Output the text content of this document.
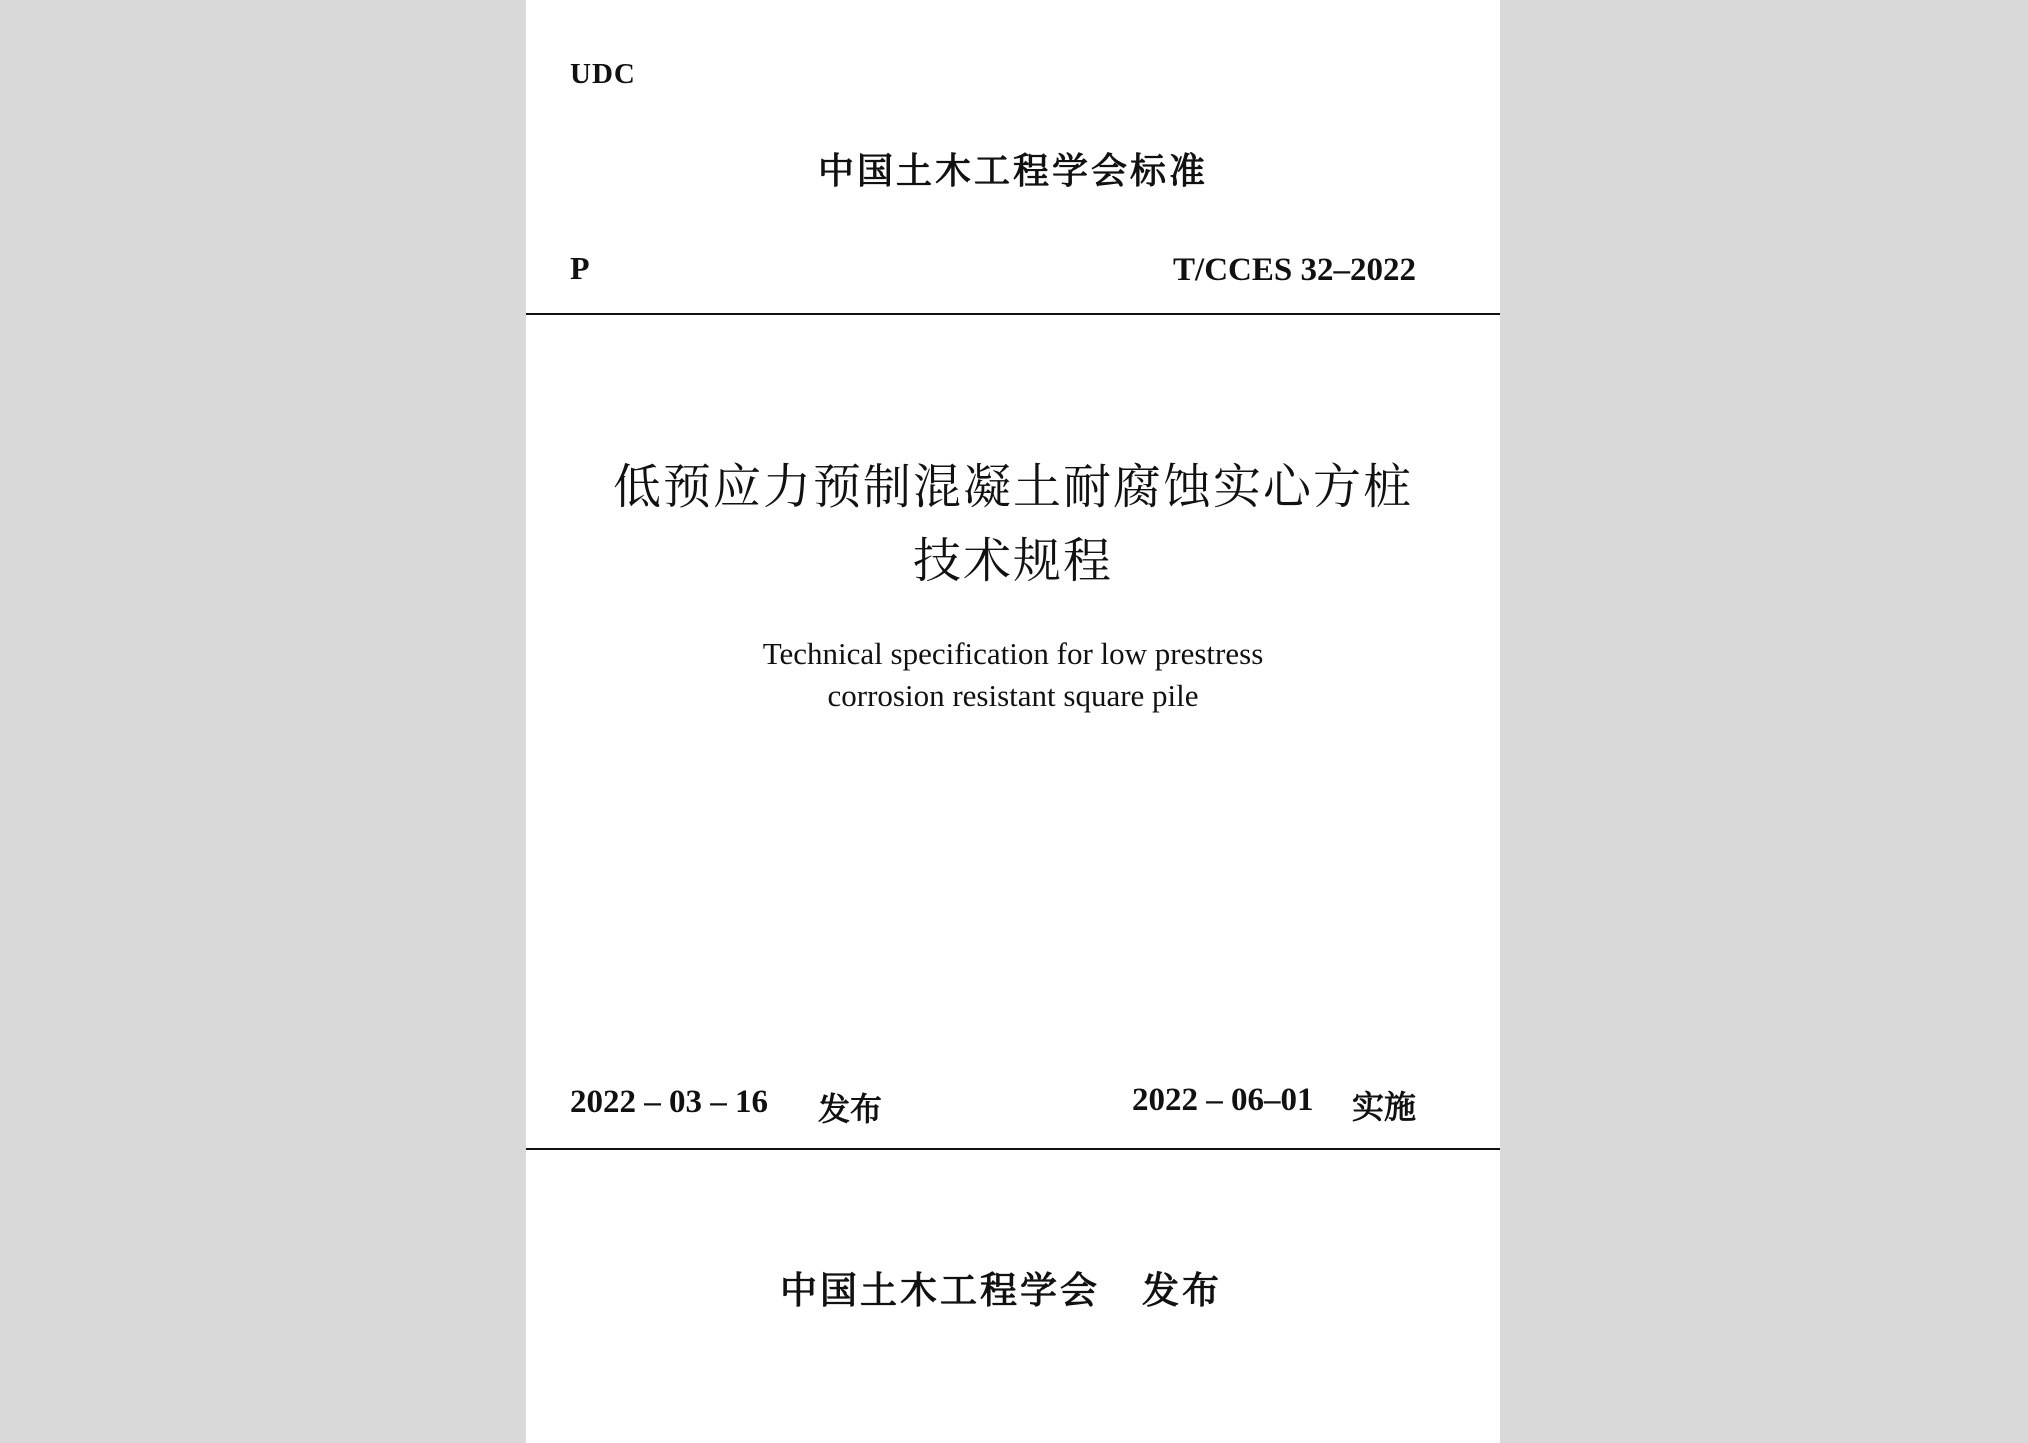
UDC
中国土木工程学会标准
P	T/CCES 32–2022
低预应力预制混凝土耐腐蚀实心方桩
技术规程
Technical specification for low prestress
corrosion resistant square pile
2022 – 03 – 16 发布	2022 – 06–01 实施
中国土木工程学会 发布
